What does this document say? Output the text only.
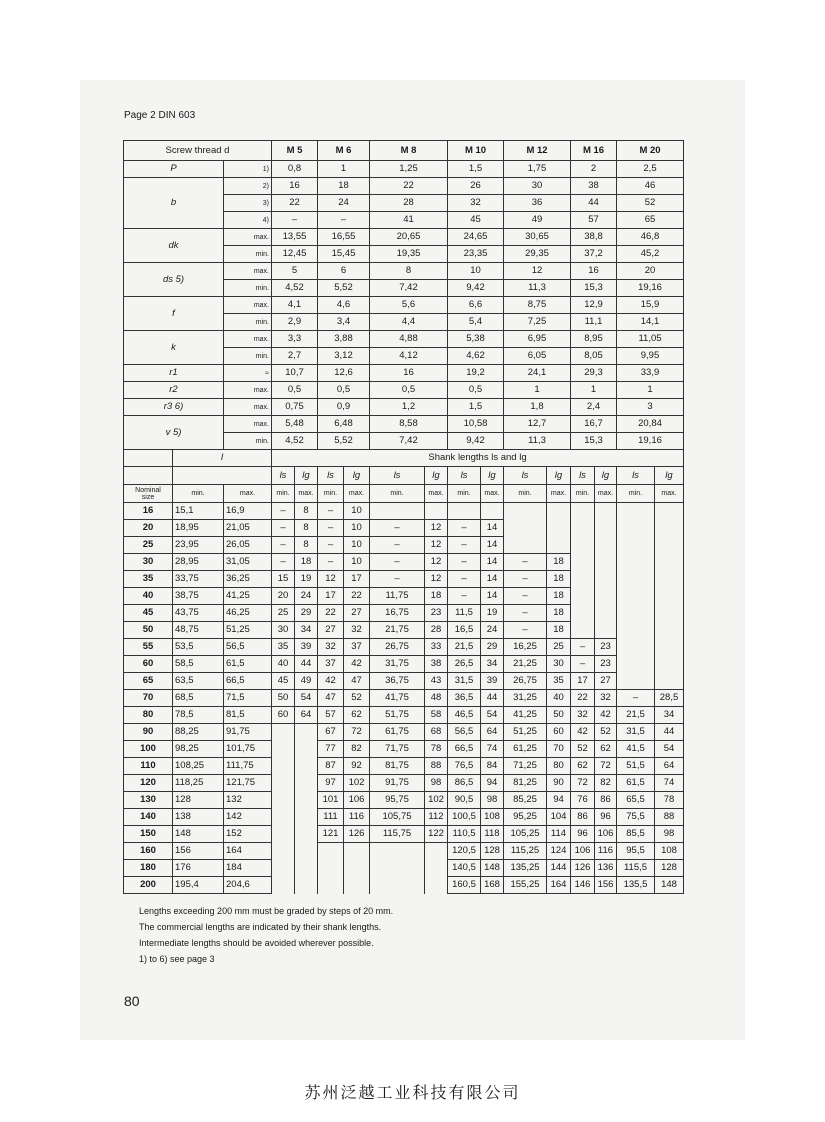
Page 2 DIN 603
Screw thread d			M 5		M 6		M 8		M 10		M 12		M 16		M 20	
P		1)	0,8		1		1,25		1,5		1,75		2		2,5	
b		2)	16		18		22		26		30		38		46	
		3)	22		24		28		32		36		44		52	
		4)	–		–		41		45		49		57		65	
dk		max.	13,55		16,55		20,65		24,65		30,65		38,8		46,8	
		min.	12,45		15,45		19,35		23,35		29,35		37,2		45,2	
ds 5)		max.	5		6		8		10		12		16		20	
		min.	4,52		5,52		7,42		9,42		11,3		15,3		19,16	
f		max.	4,1		4,6		5,6		6,6		8,75		12,9		15,9	
		min.	2,9		3,4		4,4		5,4		7,25		11,1		14,1	
k		max.	3,3		3,88		4,88		5,38		6,95		8,95		11,05	
		min.	2,7		3,12		4,12		4,62		6,05		8,05		9,95	
r1		≈	10,7		12,6		16		19,2		24,1		29,3		33,9	
r2		max.	0,5		0,5		0,5		0,5		1		1		1	
r3 6)		max.	0,75		0,9		1,2		1,5		1,8		2,4		3	
v 5)		max.	5,48		6,48		8,58		10,58		12,7		16,7		20,84	
		min.	4,52		5,52		7,42		9,42		11,3		15,3		19,16	
	l		Shank lengths ls and lg													
			ls	lg	ls	lg	ls	lg	ls	lg	ls	lg	ls	lg	ls	lg

Nominal
size	min.	max.	min.	max.	min.	max.	min.	max.	min.	max.	min.	max.	min.	max.	min.	max.
16	15,1	16,9	–	8	–	10										
20	18,95	21,05	–	8	–	10	–	12	–	14						
25	23,95	26,05	–	8	–	10	–	12	–	14						
30	28,95	31,05	–	18	–	10	–	12	–	14	–	18				
35	33,75	36,25	15	19	12	17	–	12	–	14	–	18				
40	38,75	41,25	20	24	17	22	11,75	18	–	14	–	18				
45	43,75	46,25	25	29	22	27	16,75	23	11,5	19	–	18				
50	48,75	51,25	30	34	27	32	21,75	28	16,5	24	–	18				
55	53,5	56,5	35	39	32	37	26,75	33	21,5	29	16,25	25	–	23		
60	58,5	61,5	40	44	37	42	31,75	38	26,5	34	21,25	30	–	23		
65	63,5	66,5	45	49	42	47	36,75	43	31,5	39	26,75	35	17	27		
70	68,5	71,5	50	54	47	52	41,75	48	36,5	44	31,25	40	22	32	–	28,5
80	78,5	81,5	60	64	57	62	51,75	58	46,5	54	41,25	50	32	42	21,5	34
90	88,25	91,75			67	72	61,75	68	56,5	64	51,25	60	42	52	31,5	44
100	98,25	101,75			77	82	71,75	78	66,5	74	61,25	70	52	62	41,5	54
110	108,25	111,75			87	92	81,75	88	76,5	84	71,25	80	62	72	51,5	64
120	118,25	121,75			97	102	91,75	98	86,5	94	81,25	90	72	82	61,5	74
130	128	132			101	106	95,75	102	90,5	98	85,25	94	76	86	65,5	78
140	138	142			111	116	105,75	112	100,5	108	95,25	104	86	96	75,5	88
150	148	152			121	126	115,75	122	110,5	118	105,25	114	96	106	85,5	98
160	156	164							120,5	128	115,25	124	106	116	95,5	108
180	176	184							140,5	148	135,25	144	126	136	115,5	128
200	195,4	204,6							160,5	168	155,25	164	146	156	135,5	148
Lengths exceeding 200 mm must be graded by steps of 20 mm.
The commercial lengths are indicated by their shank lengths.
Intermediate lengths should be avoided wherever possible.
1) to 6) see page 3
80
苏州泛越工业科技有限公司
